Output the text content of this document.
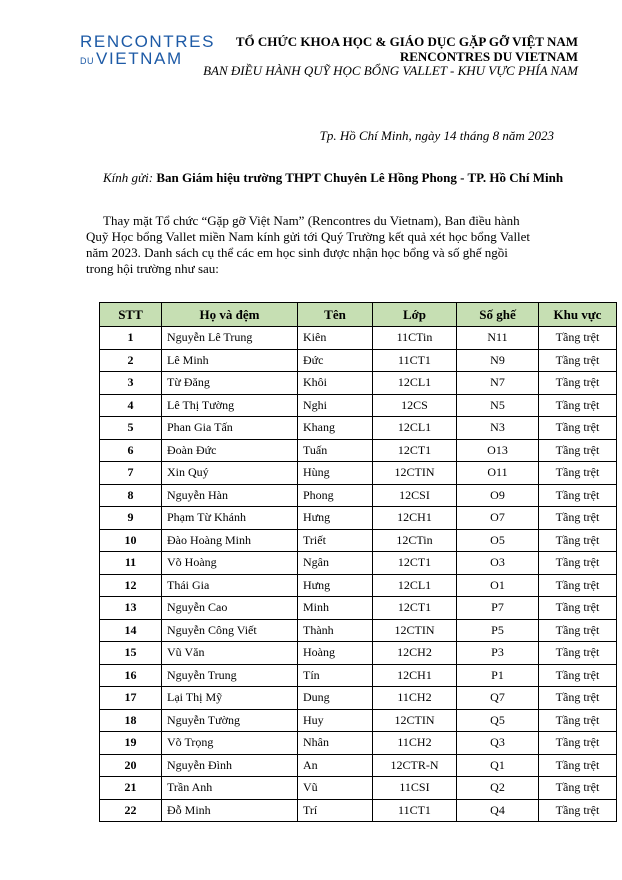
RENCONTRES
DU VIETNAM
TỔ CHỨC KHOA HỌC & GIÁO DỤC GẶP GỠ VIỆT NAM
RENCONTRES DU VIETNAM
BAN ĐIỀU HÀNH QUỸ HỌC BỔNG VALLET - KHU VỰC PHÍA NAM
Tp. Hồ Chí Minh, ngày 14 tháng 8 năm 2023
Kính gửi: Ban Giám hiệu trường THPT Chuyên Lê Hồng Phong - TP. Hồ Chí Minh
Thay mặt Tổ chức “Gặp gỡ Việt Nam” (Rencontres du Vietnam), Ban điều hành
Quỹ Học bổng Vallet miền Nam kính gửi tới Quý Trường kết quả xét học bổng Vallet
năm 2023. Danh sách cụ thể các em học sinh được nhận học bổng và số ghế ngồi
trong hội trường như sau:
STT	Họ và đệm	Tên	Lớp	Số ghế	Khu vực
1	Nguyễn Lê Trung	Kiên	11CTin	N11	Tầng trệt
2	Lê Minh	Đức	11CT1	N9	Tầng trệt
3	Từ Đăng	Khôi	12CL1	N7	Tầng trệt
4	Lê Thị Tường	Nghi	12CS	N5	Tầng trệt
5	Phan Gia Tấn	Khang	12CL1	N3	Tầng trệt
6	Đoàn Đức	Tuấn	12CT1	O13	Tầng trệt
7	Xin Quý	Hùng	12CTIN	O11	Tầng trệt
8	Nguyễn Hàn	Phong	12CSI	O9	Tầng trệt
9	Phạm Từ Khánh	Hưng	12CH1	O7	Tầng trệt
10	Đào Hoàng Minh	Triết	12CTin	O5	Tầng trệt
11	Võ Hoàng	Ngân	12CT1	O3	Tầng trệt
12	Thái Gia	Hưng	12CL1	O1	Tầng trệt
13	Nguyễn Cao	Minh	12CT1	P7	Tầng trệt
14	Nguyễn Công Viết	Thành	12CTIN	P5	Tầng trệt
15	Vũ Văn	Hoàng	12CH2	P3	Tầng trệt
16	Nguyễn Trung	Tín	12CH1	P1	Tầng trệt
17	Lại Thị Mỹ	Dung	11CH2	Q7	Tầng trệt
18	Nguyễn Tường	Huy	12CTIN	Q5	Tầng trệt
19	Võ Trọng	Nhân	11CH2	Q3	Tầng trệt
20	Nguyễn Đình	An	12CTR-N	Q1	Tầng trệt
21	Trần Anh	Vũ	11CSI	Q2	Tầng trệt
22	Đỗ Minh	Trí	11CT1	Q4	Tầng trệt
